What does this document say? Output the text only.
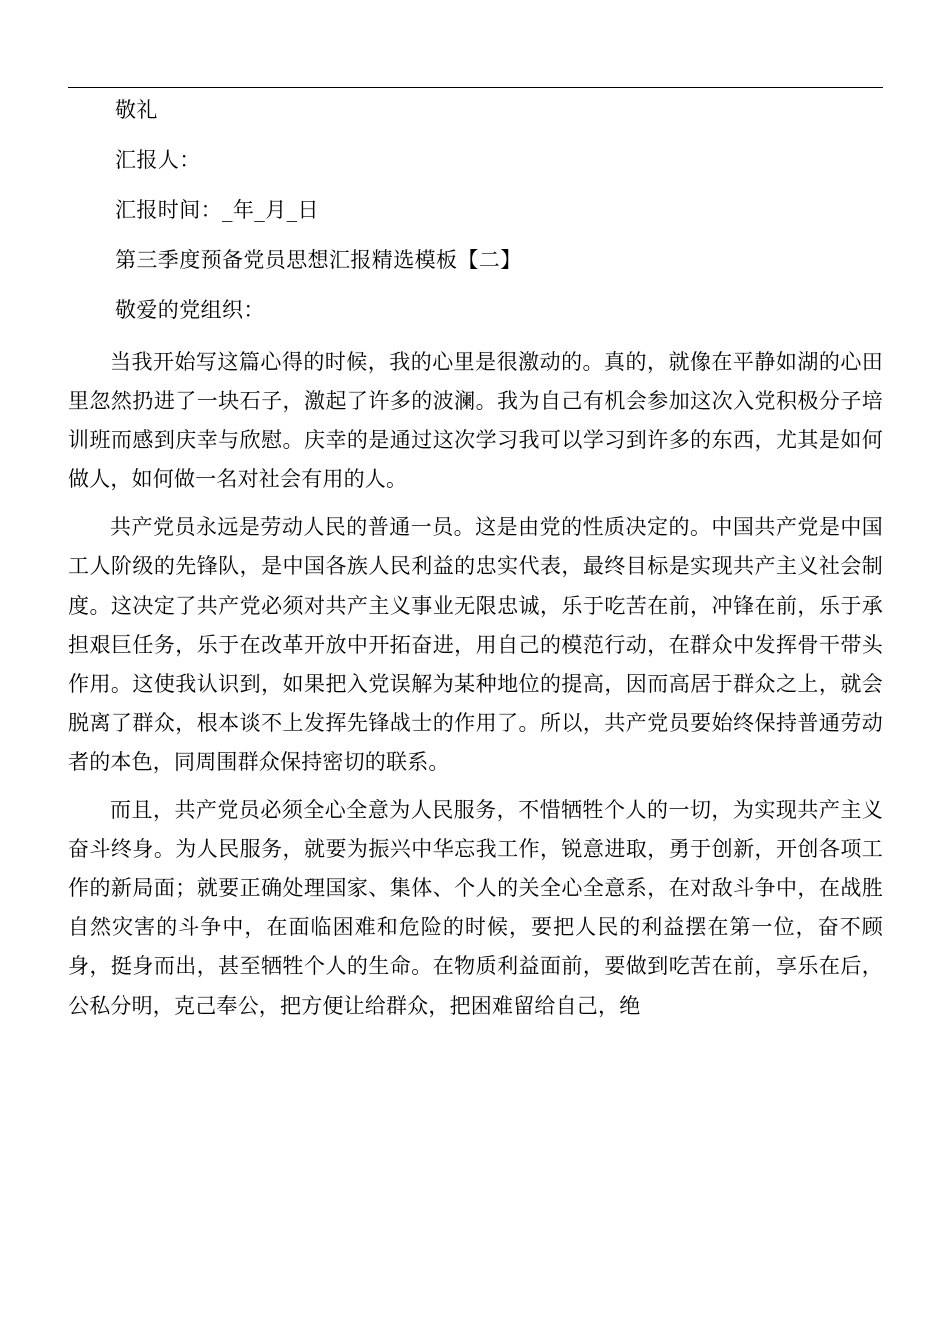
敬礼

汇报人：

汇报时间：_年_月_日

第三季度预备党员思想汇报精选模板【二】

敬爱的党组织：

当我开始写这篇心得的时候，我的心里是很激动的。真的，就像在平静如湖的心田里忽然扔进了一块石子，激起了许多的波澜。我为自己有机会参加这次入党积极分子培训班而感到庆幸与欣慰。庆幸的是通过这次学习我可以学习到许多的东西，尤其是如何做人，如何做一名对社会有用的人。

共产党员永远是劳动人民的普通一员。这是由党的性质决定的。中国共产党是中国工人阶级的先锋队，是中国各族人民利益的忠实代表，最终目标是实现共产主义社会制度。这决定了共产党必须对共产主义事业无限忠诚，乐于吃苦在前，冲锋在前，乐于承担艰巨任务，乐于在改革开放中开拓奋进，用自己的模范行动，在群众中发挥骨干带头作用。这使我认识到，如果把入党误解为某种地位的提高，因而高居于群众之上，就会脱离了群众，根本谈不上发挥先锋战士的作用了。所以，共产党员要始终保持普通劳动者的本色，同周围群众保持密切的联系。

而且，共产党员必须全心全意为人民服务，不惜牺牲个人的一切，为实现共产主义奋斗终身。为人民服务，就要为振兴中华忘我工作，锐意进取，勇于创新，开创各项工作的新局面；就要正确处理国家、集体、个人的关全心全意系，在对敌斗争中，在战胜自然灾害的斗争中，在面临困难和危险的时候，要把人民的利益摆在第一位，奋不顾身，挺身而出，甚至牺牲个人的生命。在物质利益面前，要做到吃苦在前，享乐在后，公私分明，克己奉公，把方便让给群众，把困难留给自己，绝
